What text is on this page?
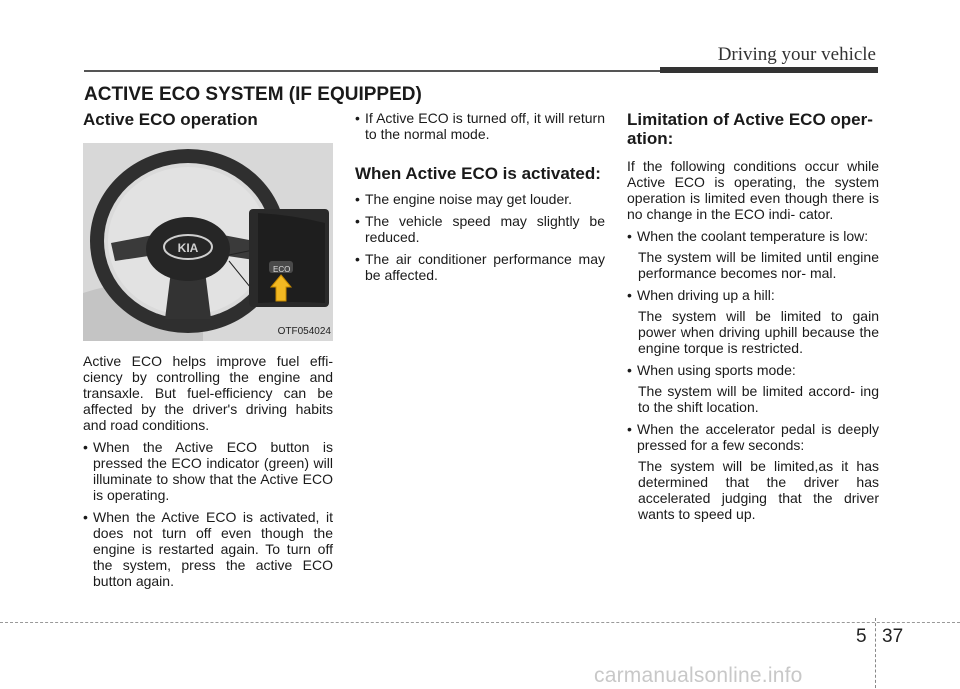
Driving your vehicle
ACTIVE ECO SYSTEM (IF EQUIPPED)
Active ECO operation
KIA
ECO
OTF054024

Active ECO helps improve fuel effi- ciency by controlling the engine and transaxle. But fuel-efficiency can be affected by the driver's driving habits and road conditions.

• When the Active ECO button is pressed the ECO indicator (green) will illuminate to show that the Active ECO is operating.
• When the Active ECO is activated, it does not turn off even though the engine is restarted again. To turn off the system, press the active ECO button again.
• If Active ECO is turned off, it will return to the normal mode.
When Active ECO is activated:
• The engine noise may get louder.
• The vehicle speed may slightly be reduced.
• The air conditioner performance may be affected.
Limitation of Active ECO oper- ation:

If the following conditions occur while Active ECO is operating, the system operation is limited even though there is no change in the ECO indi- cator.

• When the coolant temperature is low:
The system will be limited until engine performance becomes nor- mal.
• When driving up a hill:
The system will be limited to gain power when driving uphill because the engine torque is restricted.
• When using sports mode:
The system will be limited accord- ing to the shift location.
• When the accelerator pedal is deeply pressed for a few seconds:
The system will be limited,as it has determined that the driver has accelerated judging that the driver wants to speed up.
5 37
carmanualsonline.info
